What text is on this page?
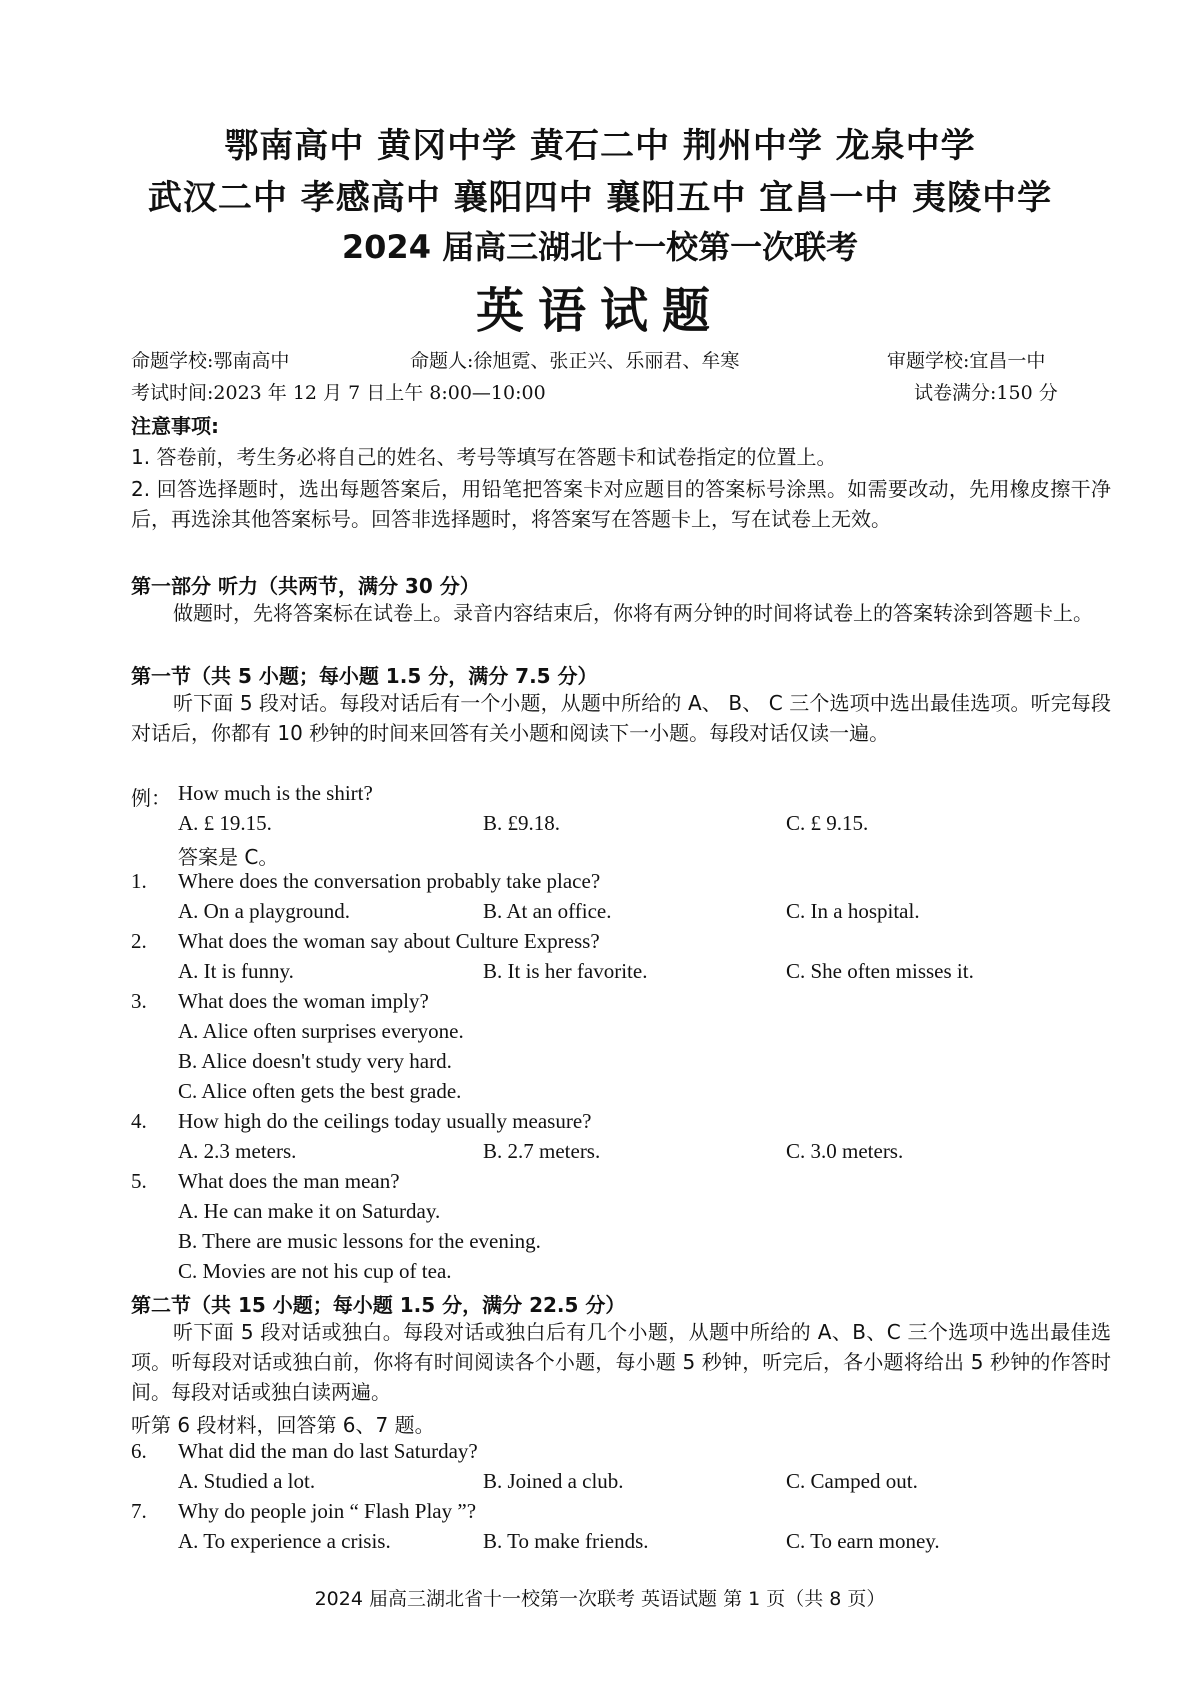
鄂南高中 黄冈中学 黄石二中 荆州中学 龙泉中学
武汉二中 孝感高中 襄阳四中 襄阳五中 宜昌一中 夷陵中学
2024 届高三湖北十一校第一次联考
英语试题
命题学校:鄂南高中	命题人:徐旭霓、张正兴、乐丽君、牟寒	审题学校:宜昌一中
考试时间:2023 年 12 月 7 日上午 8:00—10:00	试卷满分:150 分
注意事项:
1. 答卷前，考生务必将自己的姓名、考号等填写在答题卡和试卷指定的位置上。
2. 回答选择题时，选出每题答案后，用铅笔把答案卡对应题目的答案标号涂黑。如需要改动，先用橡皮擦干净后，再选涂其他答案标号。回答非选择题时，将答案写在答题卡上，写在试卷上无效。
第一部分 听力（共两节，满分 30 分）
做题时，先将答案标在试卷上。录音内容结束后，你将有两分钟的时间将试卷上的答案转涂到答题卡上。
第一节（共 5 小题；每小题 1.5 分，满分 7.5 分）
听下面 5 段对话。每段对话后有一个小题，从题中所给的 A、 B、 C 三个选项中选出最佳选项。听完每段对话后，你都有 10 秒钟的时间来回答有关小题和阅读下一小题。每段对话仅读一遍。
例： How much is the shirt?
A. £ 19.15.	B. £9.18.	C. £ 9.15.
答案是 C。
1. Where does the conversation probably take place?
A. On a playground.	B. At an office.	C. In a hospital.
2. What does the woman say about Culture Express?
A. It is funny.	B. It is her favorite.	C. She often misses it.
3. What does the woman imply?
A. Alice often surprises everyone.
B. Alice doesn't study very hard.
C. Alice often gets the best grade.
4. How high do the ceilings today usually measure?
A. 2.3 meters.	B. 2.7 meters.	C. 3.0 meters.
5. What does the man mean?
A. He can make it on Saturday.
B. There are music lessons for the evening.
C. Movies are not his cup of tea.
第二节（共 15 小题；每小题 1.5 分，满分 22.5 分）
听下面 5 段对话或独白。每段对话或独白后有几个小题，从题中所给的 A、B、C 三个选项中选出最佳选项。听每段对话或独白前，你将有时间阅读各个小题，每小题 5 秒钟，听完后，各小题将给出 5 秒钟的作答时间。每段对话或独白读两遍。
听第 6 段材料，回答第 6、7 题。
6. What did the man do last Saturday?
A. Studied a lot.	B. Joined a club.	C. Camped out.
7. Why do people join “ Flash Play ”?
A. To experience a crisis.	B. To make friends.	C. To earn money.
2024 届高三湖北省十一校第一次联考 英语试题 第 1 页（共 8 页）
